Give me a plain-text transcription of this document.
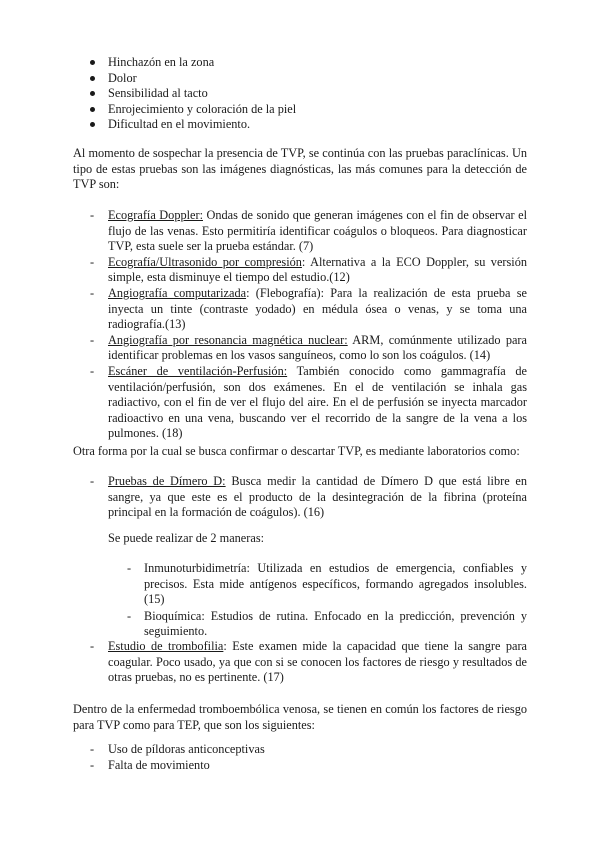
Hinchazón en la zona
Dolor
Sensibilidad al tacto
Enrojecimiento y coloración de la piel
Dificultad en el movimiento.

Al momento de sospechar la presencia de TVP, se continúa con las pruebas paraclínicas. Un tipo de estas pruebas son las imágenes diagnósticas, las más comunes para la detección de TVP son:

- Ecografía Doppler: Ondas de sonido que generan imágenes con el fin de observar el flujo de las venas. Esto permitiría identificar coágulos o bloqueos. Para diagnosticar TVP, esta suele ser la prueba estándar. (7)
- Ecografía/Ultrasonido por compresión: Alternativa a la ECO Doppler, su versión simple, esta disminuye el tiempo del estudio.(12)
- Angiografía computarizada: (Flebografía): Para la realización de esta prueba se inyecta un tinte (contraste yodado) en médula ósea o venas, y se toma una radiografía.(13)
- Angiografía por resonancia magnética nuclear: ARM, comúnmente utilizado para identificar problemas en los vasos sanguíneos, como lo son los coágulos. (14)
- Escáner de ventilación-Perfusión: También conocido como gammagrafía de ventilación/perfusión, son dos exámenes. En el de ventilación se inhala gas radiactivo, con el fin de ver el flujo del aire. En el de perfusión se inyecta marcador radioactivo en una vena, buscando ver el recorrido de la sangre de la vena a los pulmones. (18)

Otra forma por la cual se busca confirmar o descartar TVP, es mediante laboratorios como:

- Pruebas de Dímero D: Busca medir la cantidad de Dímero D que está libre en sangre, ya que este es el producto de la desintegración de la fibrina (proteína principal en la formación de coágulos). (16)

Se puede realizar de 2 maneras:

- Inmunoturbidimetría: Utilizada en estudios de emergencia, confiables y precisos. Esta mide antígenos específicos, formando agregados insolubles. (15)
- Bioquímica: Estudios de rutina. Enfocado en la predicción, prevención y seguimiento.
- Estudio de trombofilia: Este examen mide la capacidad que tiene la sangre para coagular. Poco usado, ya que con si se conocen los factores de riesgo y resultados de otras pruebas, no es pertinente. (17)

Dentro de la enfermedad tromboembólica venosa, se tienen en común los factores de riesgo para TVP como para TEP, que son los siguientes:

- Uso de píldoras anticonceptivas
- Falta de movimiento
